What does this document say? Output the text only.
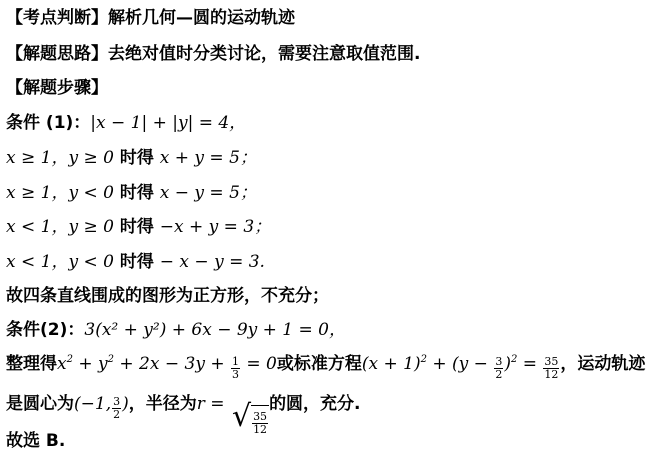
【考点判断】解析几何—圆的运动轨迹
【解题思路】去绝对值时分类讨论，需要注意取值范围.
【解题步骤】
条件 (1)：|x − 1| + |y| = 4，
x ≥ 1，y ≥ 0 时得 x + y = 5；
x ≥ 1，y < 0 时得 x − y = 5；
x < 1，y ≥ 0 时得 −x + y = 3；
x < 1，y < 0 时得 − x − y = 3.
故四条直线围成的图形为正方形，不充分；
条件(2)：3(x² + y²) + 6x − 9y + 1 = 0，
整理得$x^2 + y^2 + 2x - 3y + \frac{1}{3} = 0$或标准方程$(x + 1)^2 + (y - \frac{3}{2} )^2 = \frac{35}{12}$ ，运动轨迹
是圆心为(−1, $\frac{3}{2}$ )，半径为r = √ $\frac{35}{12}$
的圆，充分.
故选 B.
